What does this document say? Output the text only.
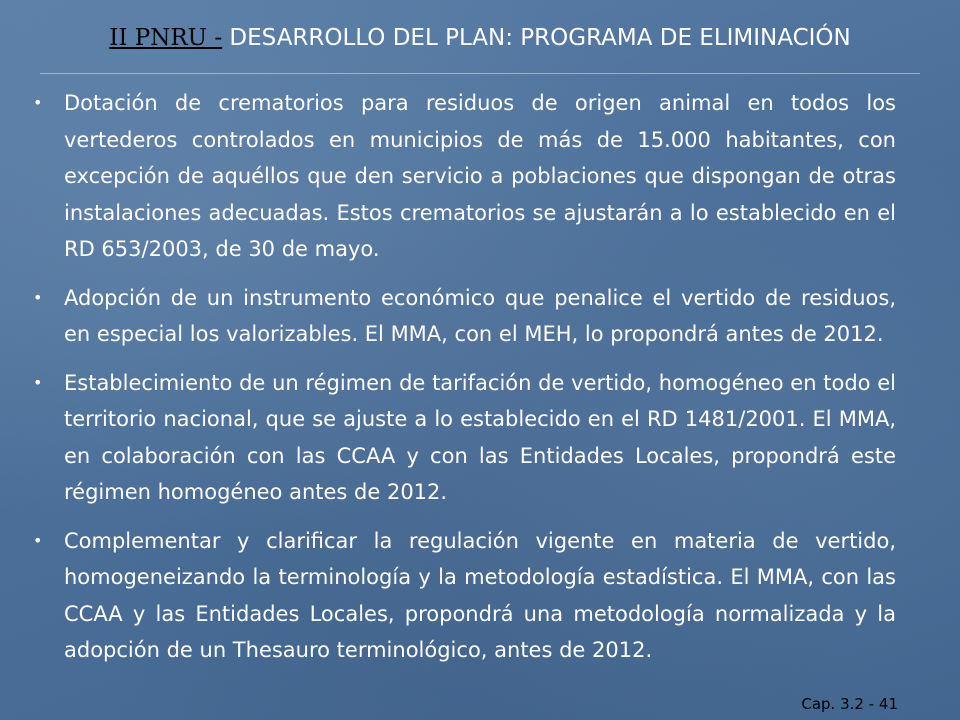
II PNRU - DESARROLLO DEL PLAN: PROGRAMA DE ELIMINACIÓN
• Dotación de crematorios para residuos de origen animal en todos los vertederos controlados en municipios de más de 15.000 habitantes, con excepción de aquéllos que den servicio a poblaciones que dispongan de otras instalaciones adecuadas. Estos crematorios se ajustarán a lo establecido en el RD 653/2003, de 30 de mayo.
• Adopción de un instrumento económico que penalice el vertido de residuos, en especial los valorizables. El MMA, con el MEH, lo propondrá antes de 2012.
• Establecimiento de un régimen de tarifación de vertido, homogéneo en todo el territorio nacional, que se ajuste a lo establecido en el RD 1481/2001. El MMA, en colaboración con las CCAA y con las Entidades Locales, propondrá este régimen homogéneo antes de 2012.
• Complementar y clarificar la regulación vigente en materia de vertido, homogeneizando la terminología y la metodología estadística. El MMA, con las CCAA y las Entidades Locales, propondrá una metodología normalizada y la adopción de un Thesauro terminológico, antes de 2012.
Cap. 3.2 - 41
